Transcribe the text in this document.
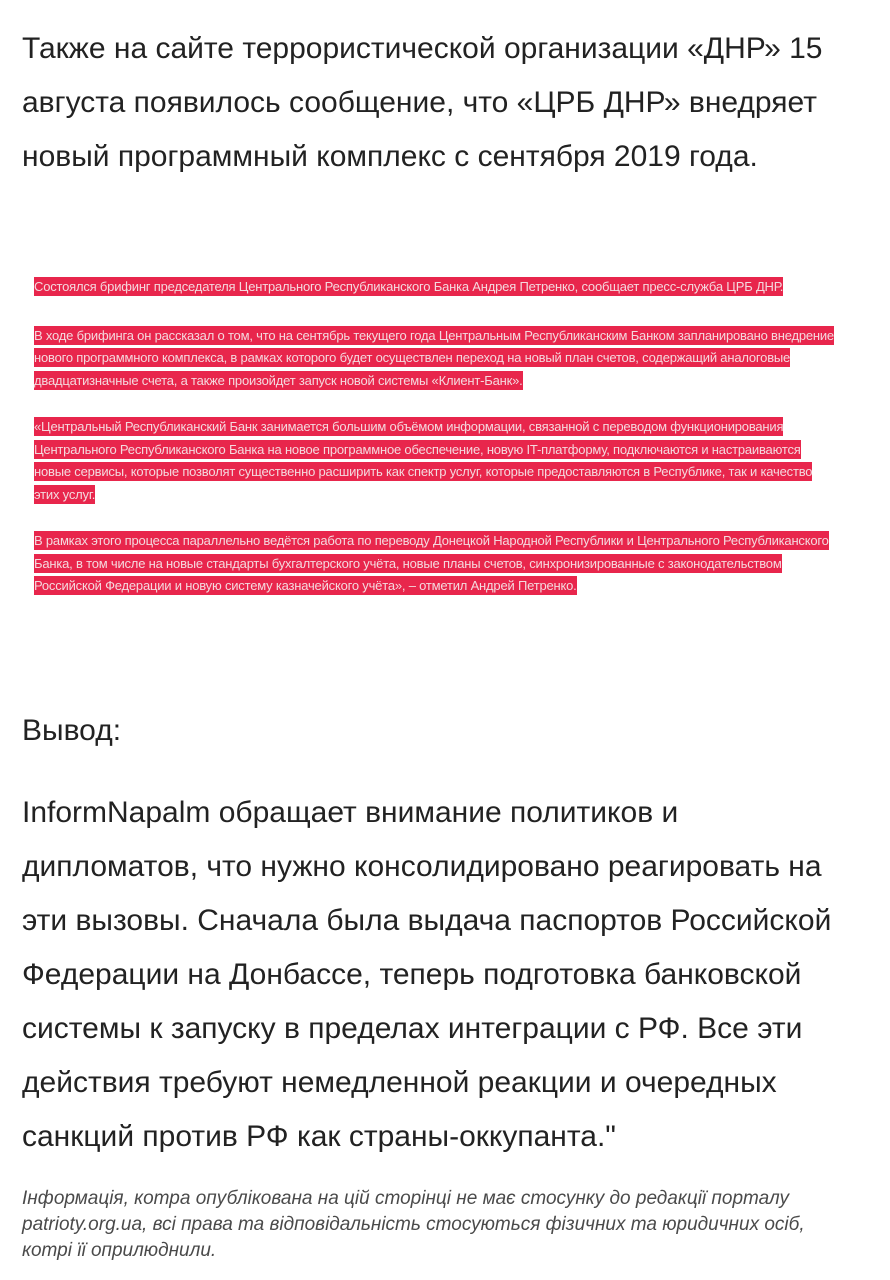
Также на сайте террористической организации «ДНР» 15 августа появилось сообщение, что «ЦРБ ДНР» внедряет новый программный комплекс с сентября 2019 года.

Состоялся брифинг председателя Центрального Республиканского Банка Андрея Петренко, сообщает пресс-служба ЦРБ ДНР.

В ходе брифинга он рассказал о том, что на сентябрь текущего года Центральным Республиканским Банком запланировано внедрение нового программного комплекса, в рамках которого будет осуществлен переход на новый план счетов, содержащий аналоговые двадцатизначные счета, а также произойдет запуск новой системы «Клиент-Банк».

«Центральный Республиканский Банк занимается большим объёмом информации, связанной с переводом функционирования Центрального Республиканского Банка на новое программное обеспечение, новую IT-платформу, подключаются и настраиваются новые сервисы, которые позволят существенно расширить как спектр услуг, которые предоставляются в Республике, так и качество этих услуг.

В рамках этого процесса параллельно ведётся работа по переводу Донецкой Народной Республики и Центрального Республиканского Банка, в том числе на новые стандарты бухгалтерского учёта, новые планы счетов, синхронизированные с законодательством Российской Федерации и новую систему казначейского учёта», – отметил Андрей Петренко.

Вывод:

InformNapalm обращает внимание политиков и дипломатов, что нужно консолидировано реагировать на эти вызовы. Сначала была выдача паспортов Российской Федерации на Донбассе, теперь подготовка банковской системы к запуску в пределах интеграции с РФ. Все эти действия требуют немедленной реакции и очередных санкций против РФ как страны-оккупанта."

Інформація, котра опублікована на цій сторінці не має стосунку до редакції порталу patrioty.org.ua, всі права та відповідальність стосуються фізичних та юридичних осіб, котрі її оприлюднили.
